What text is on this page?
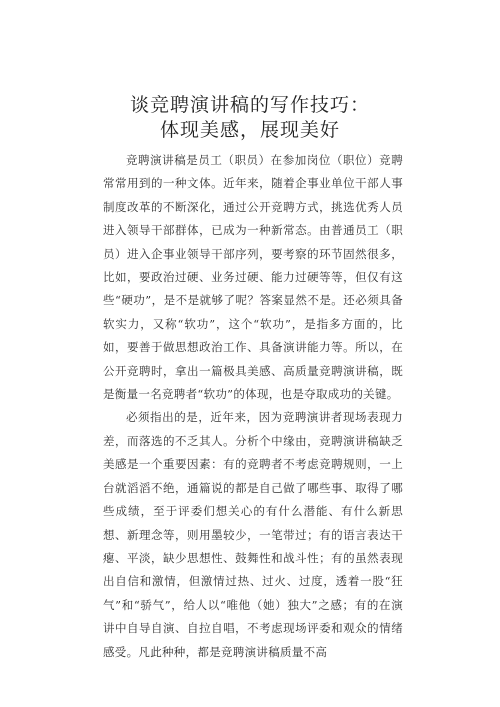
谈竞聘演讲稿的写作技巧：
体现美感，展现美好

竞聘演讲稿是员工（职员）在参加岗位（职位）竞聘常常用到的一种文体。近年来，随着企事业单位干部人事制度改革的不断深化，通过公开竞聘方式，挑选优秀人员进入领导干部群体，已成为一种新常态。由普通员工（职员）进入企事业领导干部序列，要考察的环节固然很多，比如，要政治过硬、业务过硬、能力过硬等等，但仅有这些“硬功”，是不是就够了呢？答案显然不是。还必须具备软实力，又称“软功”，这个“软功”，是指多方面的，比如，要善于做思想政治工作、具备演讲能力等。所以，在公开竞聘时，拿出一篇极具美感、高质量竞聘演讲稿，既是衡量一名竞聘者“软功”的体现，也是夺取成功的关键。

必须指出的是，近年来，因为竞聘演讲者现场表现力差，而落选的不乏其人。分析个中缘由，竞聘演讲稿缺乏美感是一个重要因素：有的竞聘者不考虑竞聘规则，一上台就滔滔不绝，通篇说的都是自己做了哪些事、取得了哪些成绩，至于评委们想关心的有什么潜能、有什么新思想、新理念等，则用墨较少，一笔带过；有的语言表达干瘪、平淡，缺少思想性、鼓舞性和战斗性；有的虽然表现出自信和激情，但激情过热、过火、过度，透着一股“狂气”和“骄气”，给人以“唯他（她）独大”之感；有的在演讲中自导自演、自拉自唱，不考虑现场评委和观众的情绪感受。凡此种种，都是竞聘演讲稿质量不高
